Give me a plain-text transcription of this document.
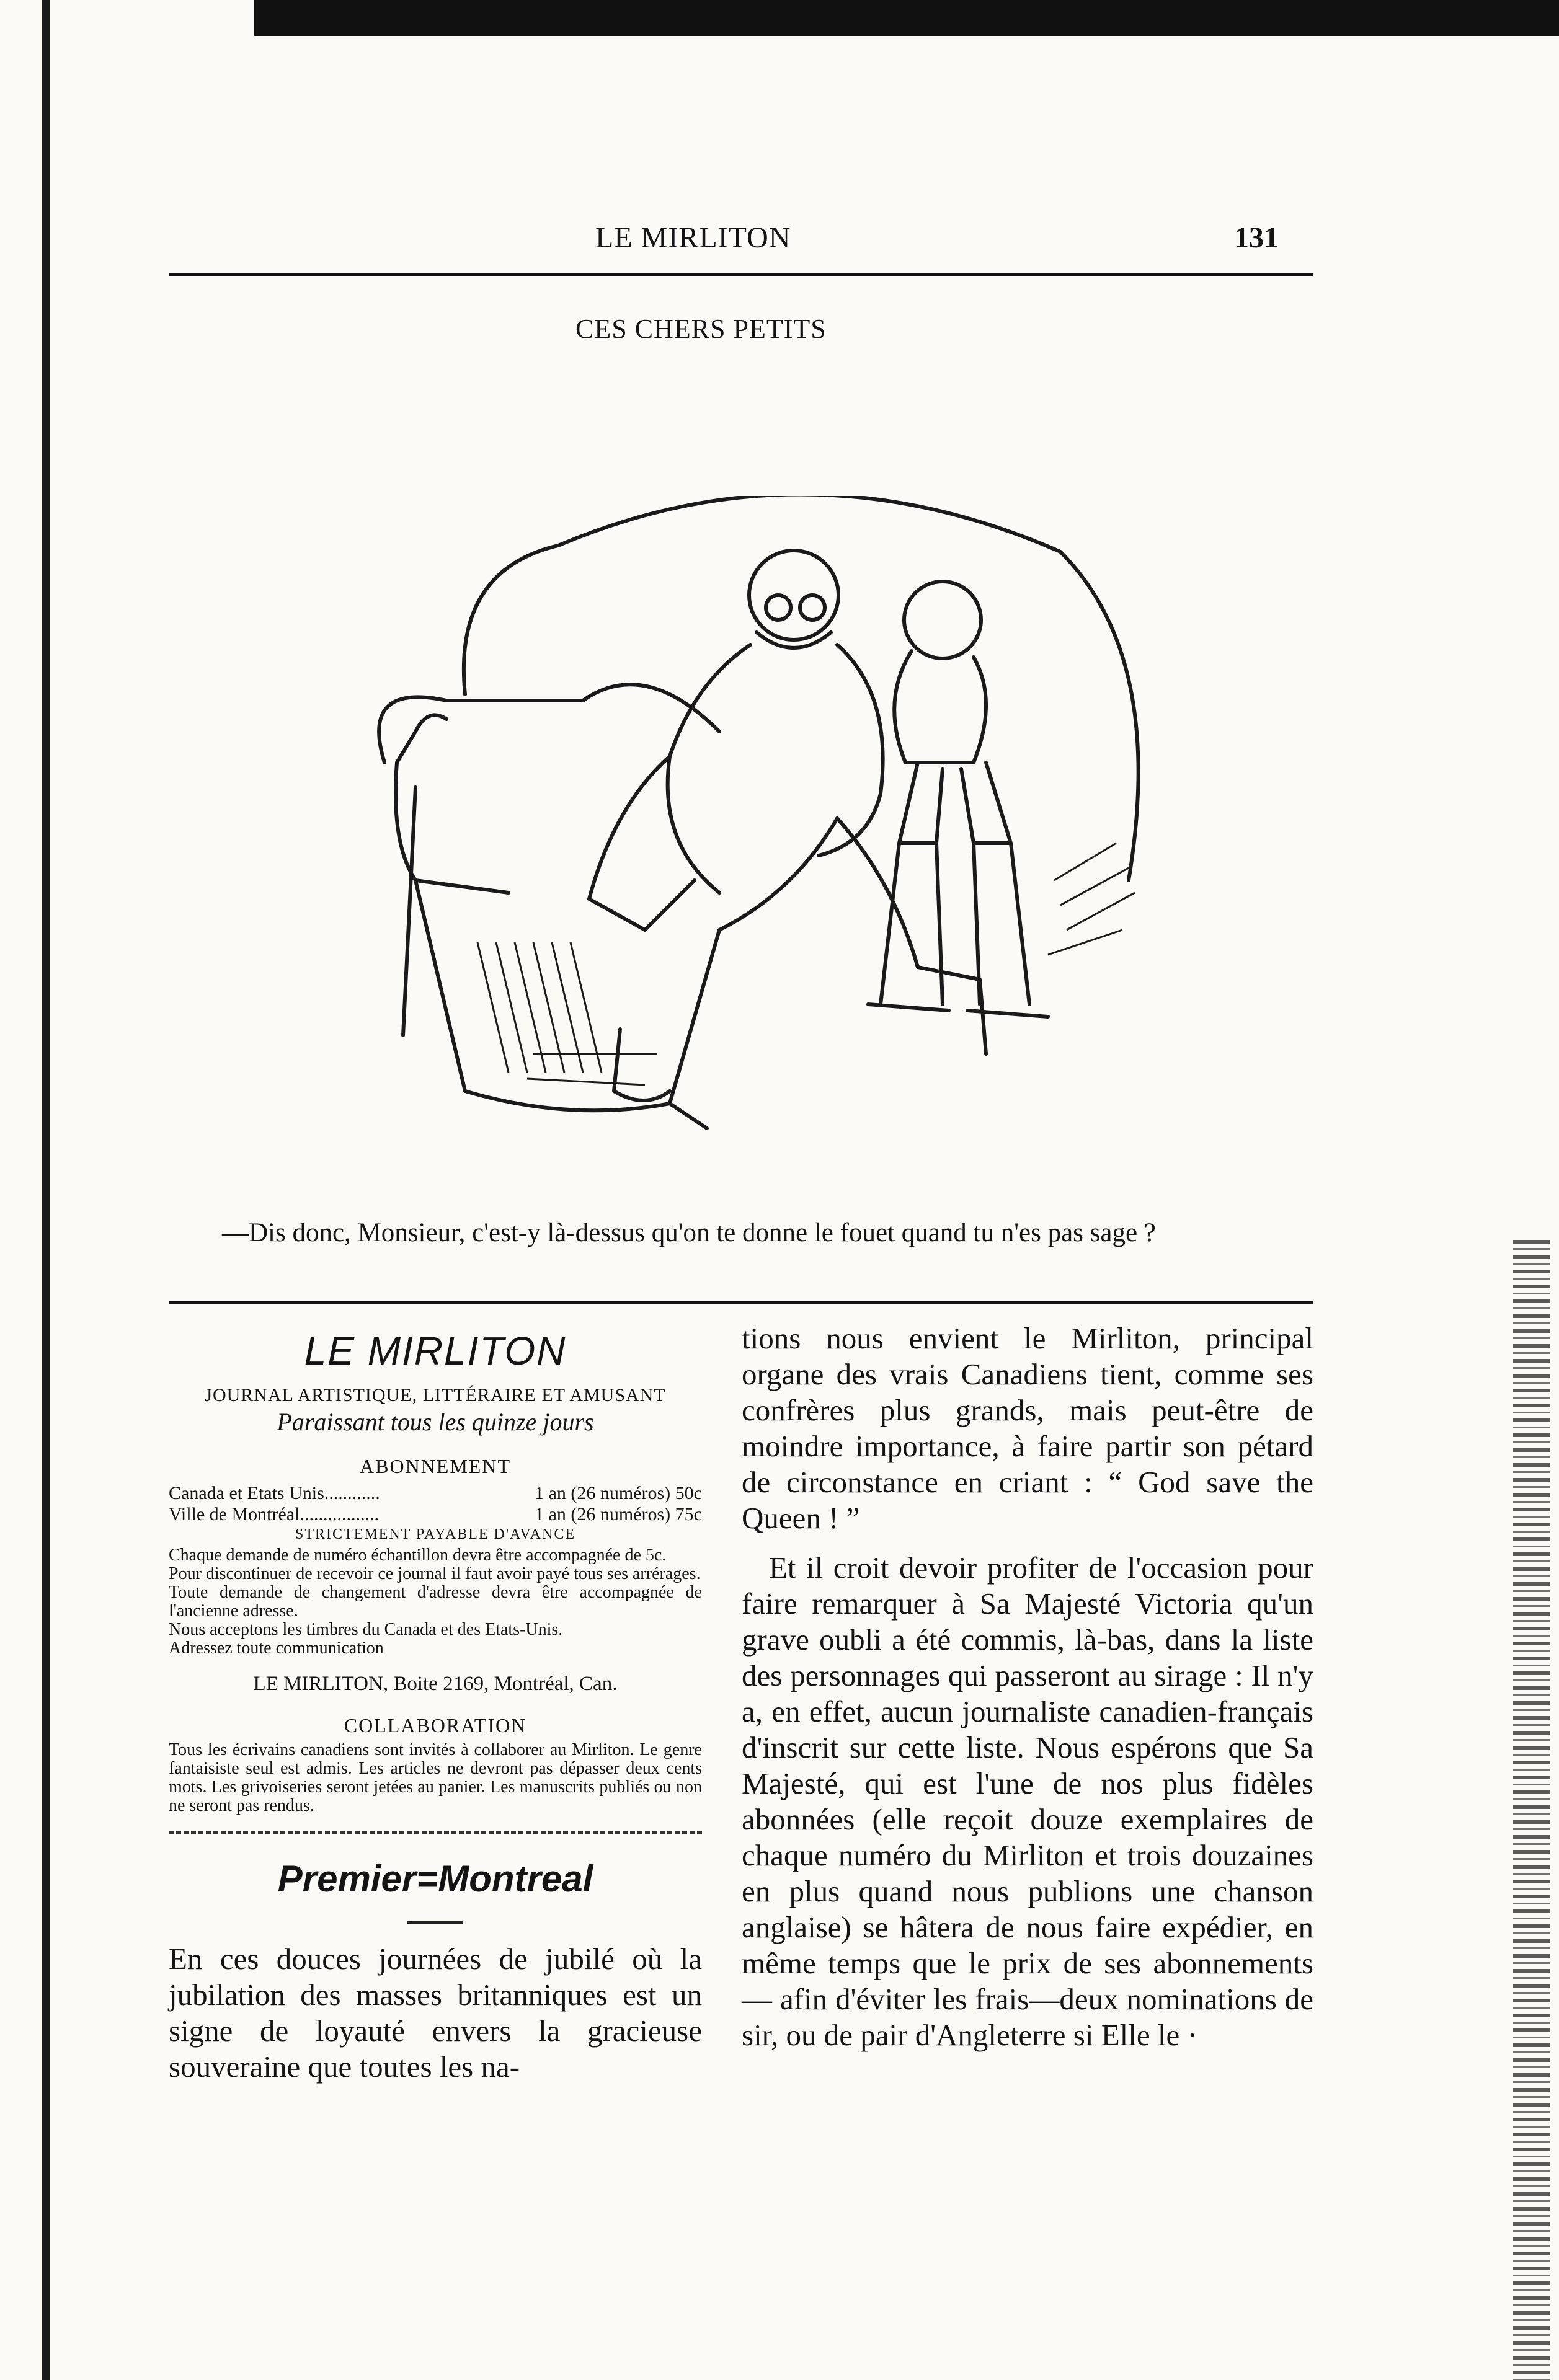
LE MIRLITON	131
CES CHERS PETITS
—Dis donc, Monsieur, c'est-y là-dessus qu'on te donne le fouet quand tu n'es pas sage ?
LE MIRLITON
JOURNAL ARTISTIQUE, LITTÉRAIRE ET AMUSANT
Paraissant tous les quinze jours
ABONNEMENT
Canada et Etats Unis............	1 an (26 numéros) 50c
Ville de Montréal.................	1 an (26 numéros) 75c
STRICTEMENT PAYABLE D'AVANCE

Chaque demande de numéro échantillon devra être accompagnée de 5c.

Pour discontinuer de recevoir ce journal il faut avoir payé tous ses arrérages.

Toute demande de changement d'adresse devra être accompagnée de l'ancienne adresse.

Nous acceptons les timbres du Canada et des Etats-Unis.

Adressez toute communication

LE MIRLITON, Boite 2169, Montréal, Can.
COLLABORATION
Tous les écrivains canadiens sont invités à collaborer au Mirliton. Le genre fantaisiste seul est admis. Les articles ne devront pas dépasser deux cents mots. Les grivoiseries seront jetées au panier. Les manuscrits publiés ou non ne seront pas rendus.
Premier=Montreal
En ces douces journées de jubilé où la jubilation des masses britanniques est un signe de loyauté envers la gracieuse souveraine que toutes les na-

tions nous envient le Mirliton, principal organe des vrais Canadiens tient, comme ses confrères plus grands, mais peut-être de moindre importance, à faire partir son pétard de circonstance en criant : “ God save the Queen ! ”

Et il croit devoir profiter de l'occasion pour faire remarquer à Sa Majesté Victoria qu'un grave oubli a été commis, là-bas, dans la liste des personnages qui passeront au sirage : Il n'y a, en effet, aucun journaliste canadien-français d'inscrit sur cette liste. Nous espérons que Sa Majesté, qui est l'une de nos plus fidèles abonnées (elle reçoit douze exemplaires de chaque numéro du Mirliton et trois douzaines en plus quand nous publions une chanson anglaise) se hâtera de nous faire expédier, en même temps que le prix de ses abonnements — afin d'éviter les frais—deux nominations de sir, ou de pair d'Angleterre si Elle le ·
